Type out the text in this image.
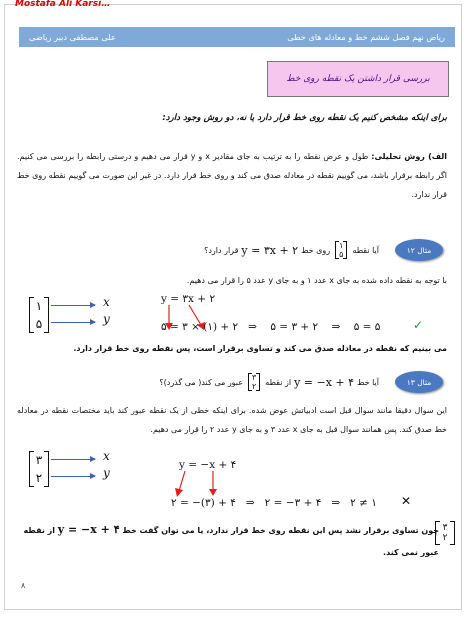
Mostafa Ali Karsi…
ریاض نهم فصل ششم خط و معادله های خطی
علی مصطفی دبیر ریاضی
بررسی قرار داشتن یک نقطه روی خط
برای اینکه مشخص کنیم یک نقطه روی خط قرار دارد یا نه، دو روش وجود دارد:
الف) روش تحلیلی: طول و عرض نقطه را به ترتیب به جای مقادیر x و y قرار می دهیم و درستی رابطه را بررسی می کنیم. اگر رابطه برقرار باشد، می گوییم نقطه در معادله صدق می کند و روی خط قرار دارد. در غیر این صورت می گوییم نقطه روی خط قرار ندارد.
مثال ۱۲
آیا نقطه
۱
۵
روی خط
y = ۳x + ۲
قرار دارد؟
با توجه به نقطه داده شده به جای x عدد ۱ و به جای y عدد ۵ را قرار می دهیم.
۱
۵
x
y
y = ۳x + ۲
۵ = ۳ × (۱) + ۲   ⇒    ۵ = ۳ + ۲    ⇒    ۵ = ۵	✓
می بینیم که نقطه در معادله صدق می کند و تساوی برقرار است، پس نقطه روی خط قرار دارد.
مثال ۱۳
آیا خط
y = −x + ۴
از نقطه
۳
۲
عبور می کند( می گذرد)؟
این سوال دقیقا مانند سوال قبل است ادبیاتش عوض شده. برای اینکه خطی از یک نقطه عبور کند باید مختصات نقطه در معادله خط صدق کند. پس همانند سوال قبل به جای x عدد ۳ و به جای y عدد ۲ را قرار می دهیم.
۳
۲
x
y
y = −x + ۴
۲ = −(۳) + ۴   ⇒   ۲ = −۳ + ۴   ⇒   ۲ ≠ ۱ ✕
چون تساوی برقرار نشد پس این نقطه روی خط قرار ندارد، یا می توان گفت خط y = −x + ۴ از نقطه عبور نمی کند.
۳
۲
۸
